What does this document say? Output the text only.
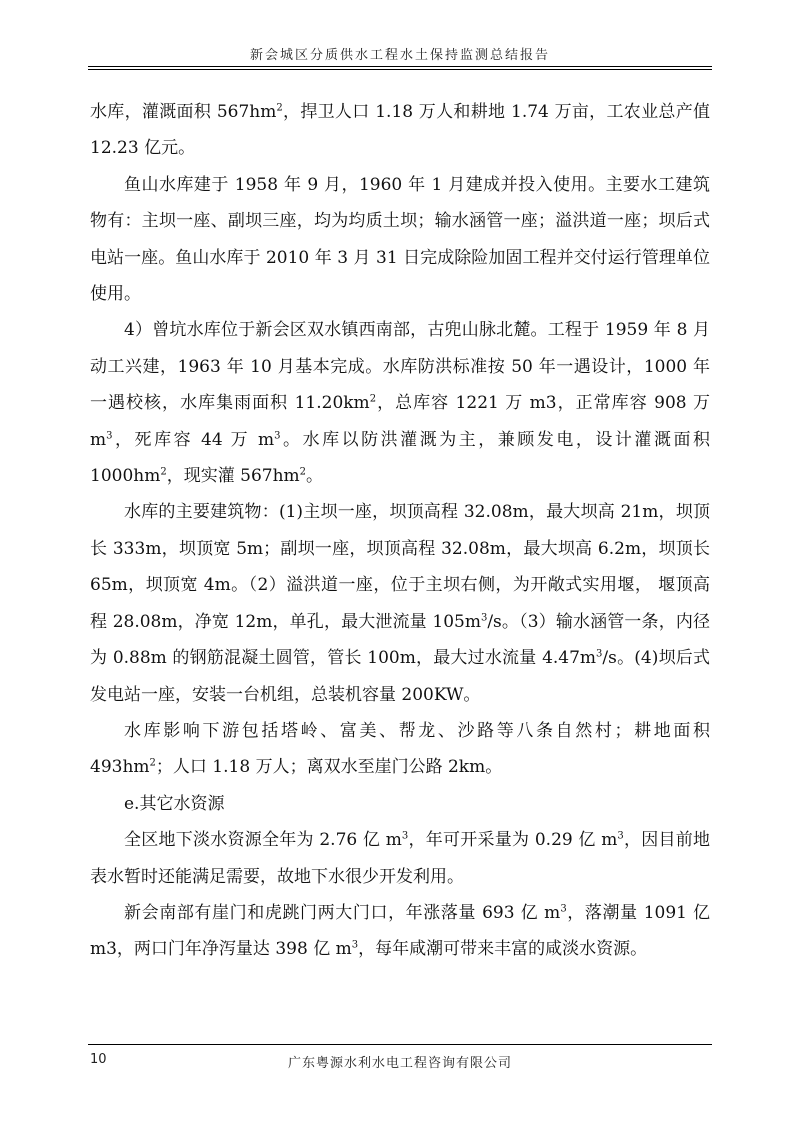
新会城区分质供水工程水土保持监测总结报告

水库，灌溉面积 $567hm^2$，捍卫人口 1.18 万人和耕地 1.74 万亩，工农业总产值 12.23 亿元。

鱼山水库建于 1958 年 9 月，1960 年 1 月建成并投入使用。主要水工建筑物有：主坝一座、副坝三座，均为均质土坝；输水涵管一座；溢洪道一座；坝后式电站一座。鱼山水库于 2010 年 3 月 31 日完成除险加固工程并交付运行管理单位使用。

4）曾坑水库位于新会区双水镇西南部，古兜山脉北麓。工程于 1959 年 8 月动工兴建，1963 年 10 月基本完成。水库防洪标准按 50 年一遇设计，1000 年一遇校核，水库集雨面积 $11.20km^2$，总库容 1221 万 m3，正常库容 908 万 $m^3$，死库容 44 万 $m^3$。水库以防洪灌溉为主，兼顾发电，设计灌溉面积 $1000hm^2$，现实灌 $567hm^2$。

水库的主要建筑物：(1)主坝一座，坝顶高程 32.08m，最大坝高 21m，坝顶长 333m，坝顶宽 5m；副坝一座，坝顶高程 32.08m，最大坝高 6.2m，坝顶长 65m，坝顶宽 4m。（2）溢洪道一座，位于主坝右侧，为开敞式实用堰， 堰顶高程 28.08m，净宽 12m，单孔，最大泄流量 $105m^3/s$。（3）输水涵管一条，内径为 0.88m 的钢筋混凝土圆管，管长 100m，最大过水流量 $4.47m^3/s$。(4)坝后式发电站一座，安装一台机组，总装机容量 200KW。

水库影响下游包括塔岭、富美、帮龙、沙路等八条自然村；耕地面积 $493hm^2$；人口 1.18 万人；离双水至崖门公路 2km。

e.其它水资源

全区地下淡水资源全年为 2.76 亿 $m^3$，年可开采量为 0.29 亿 $m^3$，因目前地表水暂时还能满足需要，故地下水很少开发利用。

新会南部有崖门和虎跳门两大门口，年涨落量 693 亿 $m^3$，落潮量 1091 亿 m3，两口门年净泻量达 398 亿 $m^3$，每年咸潮可带来丰富的咸淡水资源。

10	广东粤源水利水电工程咨询有限公司
